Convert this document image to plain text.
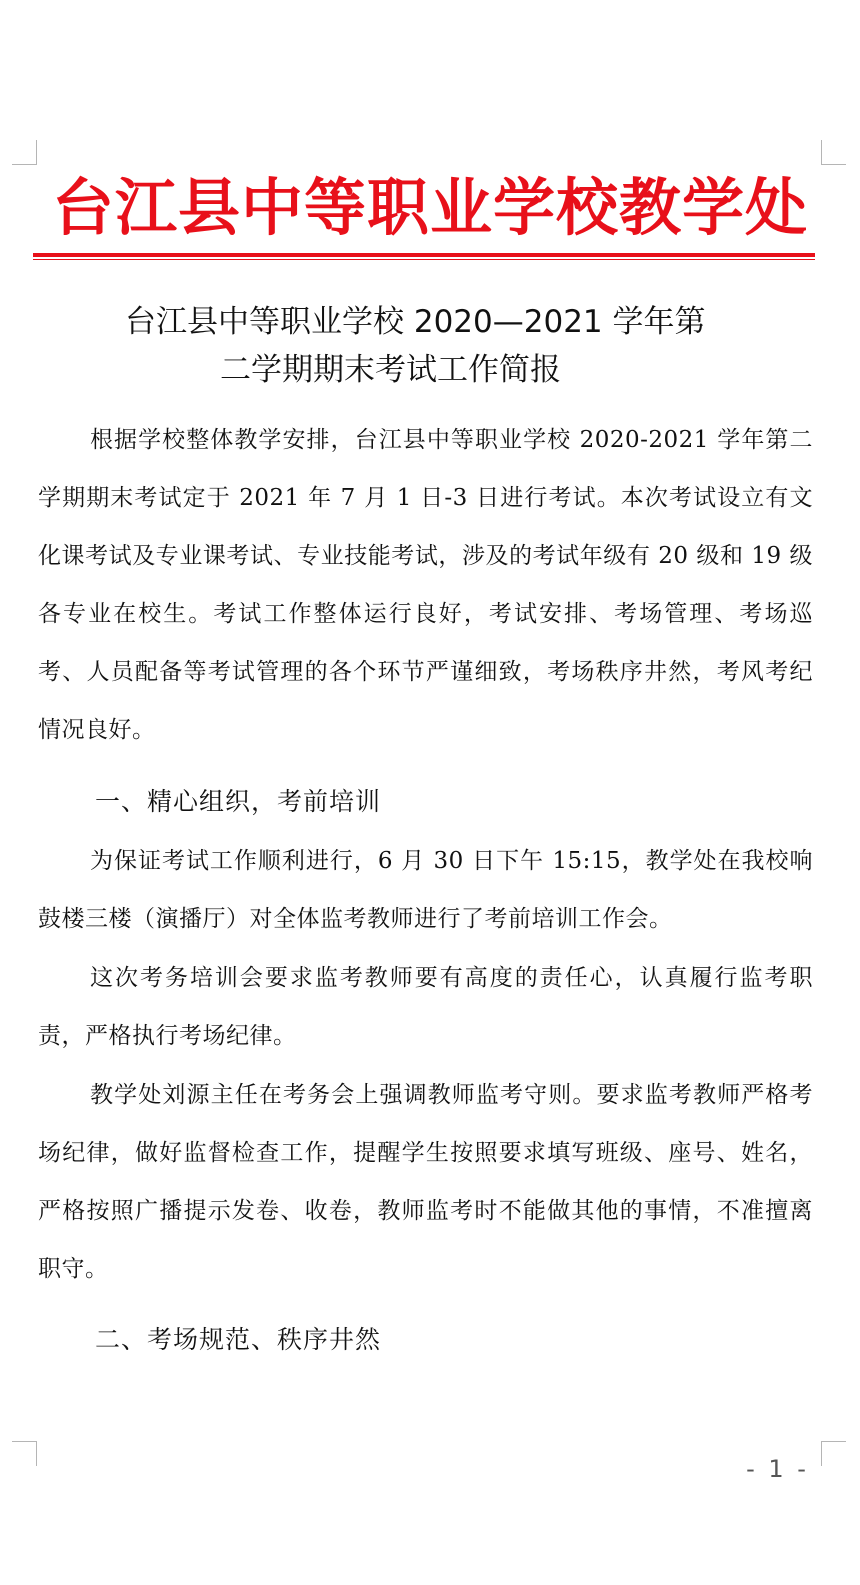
台江县中等职业学校教学处
台江县中等职业学校 2020—2021 学年第
二学期期末考试工作简报
根据学校整体教学安排，台江县中等职业学校 2020-2021 学年第二学期期末考试定于 2021 年 7 月 1 日-3 日进行考试。本次考试设立有文化课考试及专业课考试、专业技能考试，涉及的考试年级有 20 级和 19 级各专业在校生。考试工作整体运行良好，考试安排、考场管理、考场巡考、人员配备等考试管理的各个环节严谨细致，考场秩序井然，考风考纪情况良好。
一、精心组织，考前培训
为保证考试工作顺利进行，6 月 30 日下午 15:15，教学处在我校响鼓楼三楼（演播厅）对全体监考教师进行了考前培训工作会。
这次考务培训会要求监考教师要有高度的责任心，认真履行监考职责，严格执行考场纪律。
教学处刘源主任在考务会上强调教师监考守则。要求监考教师严格考场纪律，做好监督检查工作，提醒学生按照要求填写班级、座号、姓名，严格按照广播提示发卷、收卷，教师监考时不能做其他的事情，不准擅离职守。
二、考场规范、秩序井然
- 1 -
